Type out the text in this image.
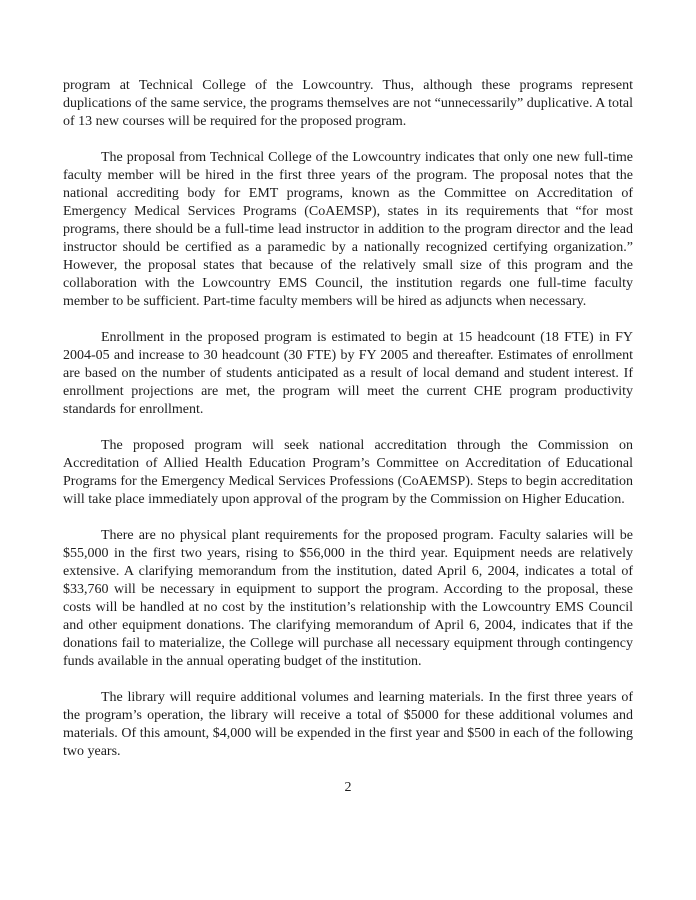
program at Technical College of the Lowcountry. Thus, although these programs represent duplications of the same service, the programs themselves are not “unnecessarily” duplicative. A total of 13 new courses will be required for the proposed program.

The proposal from Technical College of the Lowcountry indicates that only one new full-time faculty member will be hired in the first three years of the program. The proposal notes that the national accrediting body for EMT programs, known as the Committee on Accreditation of Emergency Medical Services Programs (CoAEMSP), states in its requirements that “for most programs, there should be a full-time lead instructor in addition to the program director and the lead instructor should be certified as a paramedic by a nationally recognized certifying organization.” However, the proposal states that because of the relatively small size of this program and the collaboration with the Lowcountry EMS Council, the institution regards one full-time faculty member to be sufficient. Part-time faculty members will be hired as adjuncts when necessary.

Enrollment in the proposed program is estimated to begin at 15 headcount (18 FTE) in FY 2004-05 and increase to 30 headcount (30 FTE) by FY 2005 and thereafter. Estimates of enrollment are based on the number of students anticipated as a result of local demand and student interest. If enrollment projections are met, the program will meet the current CHE program productivity standards for enrollment.

The proposed program will seek national accreditation through the Commission on Accreditation of Allied Health Education Program’s Committee on Accreditation of Educational Programs for the Emergency Medical Services Professions (CoAEMSP). Steps to begin accreditation will take place immediately upon approval of the program by the Commission on Higher Education.

There are no physical plant requirements for the proposed program. Faculty salaries will be $55,000 in the first two years, rising to $56,000 in the third year. Equipment needs are relatively extensive. A clarifying memorandum from the institution, dated April 6, 2004, indicates a total of $33,760 will be necessary in equipment to support the program. According to the proposal, these costs will be handled at no cost by the institution’s relationship with the Lowcountry EMS Council and other equipment donations. The clarifying memorandum of April 6, 2004, indicates that if the donations fail to materialize, the College will purchase all necessary equipment through contingency funds available in the annual operating budget of the institution.

The library will require additional volumes and learning materials. In the first three years of the program’s operation, the library will receive a total of $5000 for these additional volumes and materials. Of this amount, $4,000 will be expended in the first year and $500 in each of the following two years.

2
